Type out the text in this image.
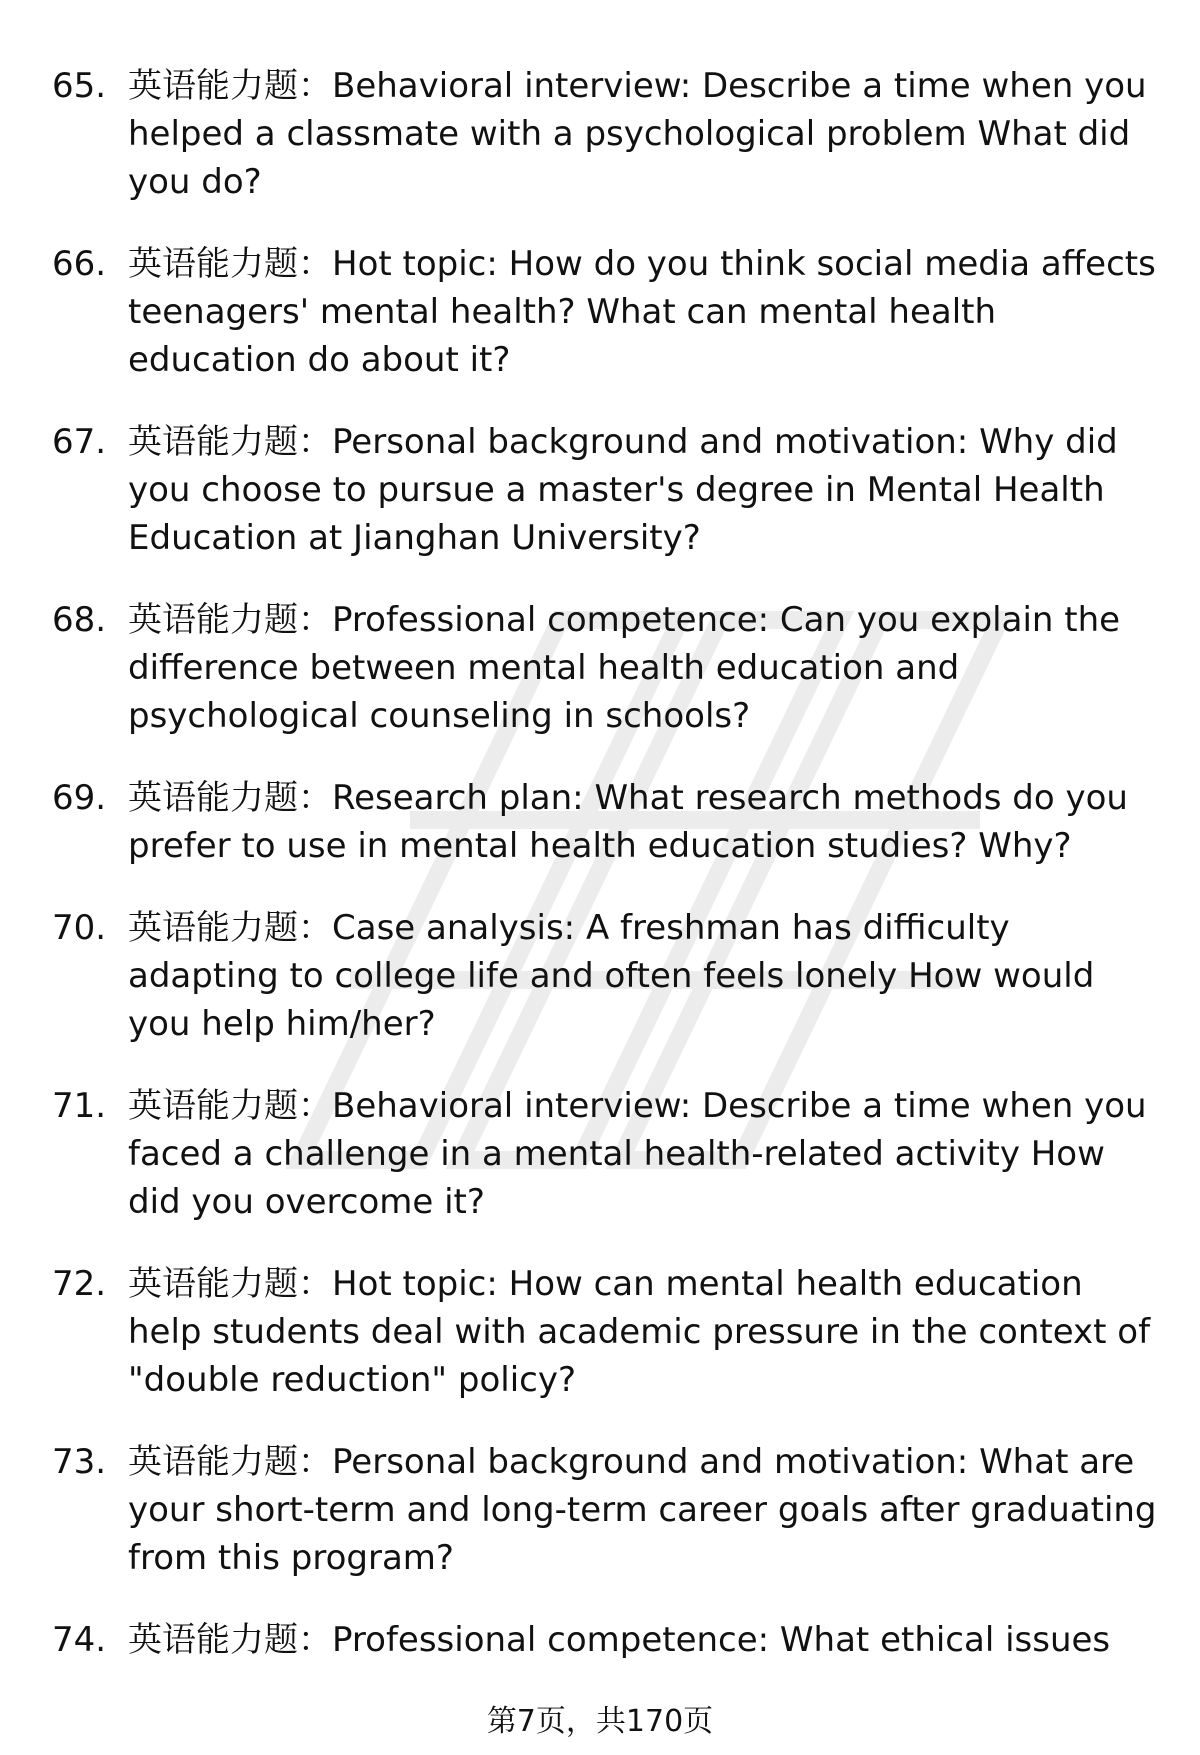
65. 英语能力题：Behavioral interview: Describe a time when you helped a classmate with a psychological problem What did you do?
66. 英语能力题：Hot topic: How do you think social media affects teenagers' mental health? What can mental health education do about it?
67. 英语能力题：Personal background and motivation: Why did you choose to pursue a master's degree in Mental Health Education at Jianghan University?
68. 英语能力题：Professional competence: Can you explain the difference between mental health education and psychological counseling in schools?
69. 英语能力题：Research plan: What research methods do you prefer to use in mental health education studies? Why?
70. 英语能力题：Case analysis: A freshman has difficulty adapting to college life and often feels lonely How would you help him/her?
71. 英语能力题：Behavioral interview: Describe a time when you faced a challenge in a mental health-related activity How did you overcome it?
72. 英语能力题：Hot topic: How can mental health education help students deal with academic pressure in the context of "double reduction" policy?
73. 英语能力题：Personal background and motivation: What are your short-term and long-term career goals after graduating from this program?
74. 英语能力题：Professional competence: What ethical issues
第7页，共170页
